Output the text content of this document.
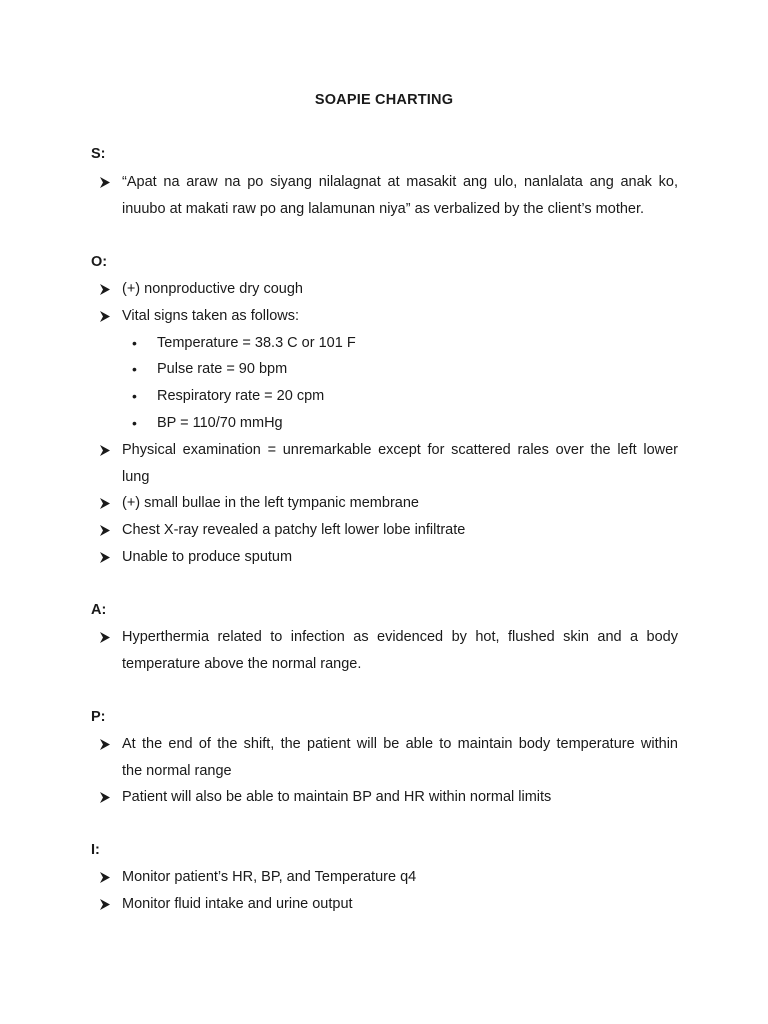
SOAPIE CHARTING
S:
“Apat na araw na po siyang nilalagnat at masakit ang ulo, nanlalata ang anak ko,
inuubo at makati raw po ang lalamunan niya” as verbalized by the client’s mother.
O:
(+) nonproductive dry cough
Vital signs taken as follows:
• Temperature = 38.3 C or 101 F
• Pulse rate = 90 bpm
• Respiratory rate = 20 cpm
• BP = 110/70 mmHg
Physical examination = unremarkable except for scattered rales over the left lower
lung
(+) small bullae in the left tympanic membrane
Chest X-ray revealed a patchy left lower lobe infiltrate
Unable to produce sputum
A:
Hyperthermia related to infection as evidenced by hot, flushed skin and a body
temperature above the normal range.
P:
At the end of the shift, the patient will be able to maintain body temperature within
the normal range
Patient will also be able to maintain BP and HR within normal limits
I:
Monitor patient’s HR, BP, and Temperature q4
Monitor fluid intake and urine output
